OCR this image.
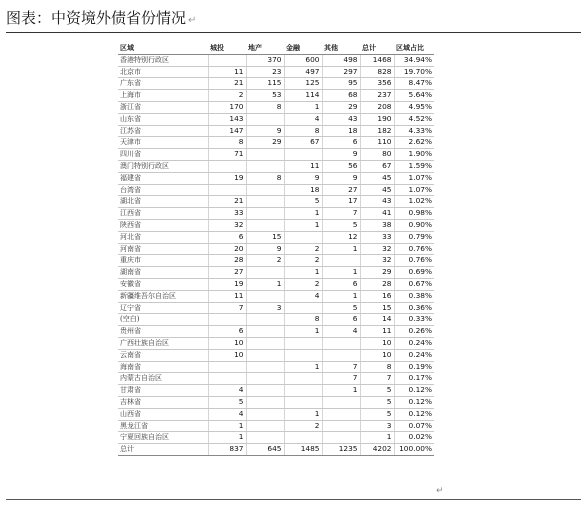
图表：中资境外债省份情况 ↵
区域	城投	地产	金融	其他	总计	区域占比
香港特别行政区		370	600	498	1468	34.94%
北京市	11	23	497	297	828	19.70%
广东省	21	115	125	95	356	8.47%
上海市	2	53	114	68	237	5.64%
浙江省	170	8	1	29	208	4.95%
山东省	143		4	43	190	4.52%
江苏省	147	9	8	18	182	4.33%
天津市	8	29	67	6	110	2.62%
四川省	71			9	80	1.90%
澳门特别行政区			11	56	67	1.59%
福建省	19	8	9	9	45	1.07%
台湾省			18	27	45	1.07%
湖北省	21		5	17	43	1.02%
江西省	33		1	7	41	0.98%
陕西省	32		1	5	38	0.90%
河北省	6	15		12	33	0.79%
河南省	20	9	2	1	32	0.76%
重庆市	28	2	2		32	0.76%
湖南省	27		1	1	29	0.69%
安徽省	19	1	2	6	28	0.67%
新疆维吾尔自治区	11		4	1	16	0.38%
辽宁省	7	3		5	15	0.36%
(空白)			8	6	14	0.33%
贵州省	6		1	4	11	0.26%
广西壮族自治区	10				10	0.24%
云南省	10				10	0.24%
海南省			1	7	8	0.19%
内蒙古自治区				7	7	0.17%
甘肃省	4			1	5	0.12%
吉林省	5				5	0.12%
山西省	4		1		5	0.12%
黑龙江省	1		2		3	0.07%
宁夏回族自治区	1				1	0.02%
总计	837	645	1485	1235	4202	100.00%
↵
